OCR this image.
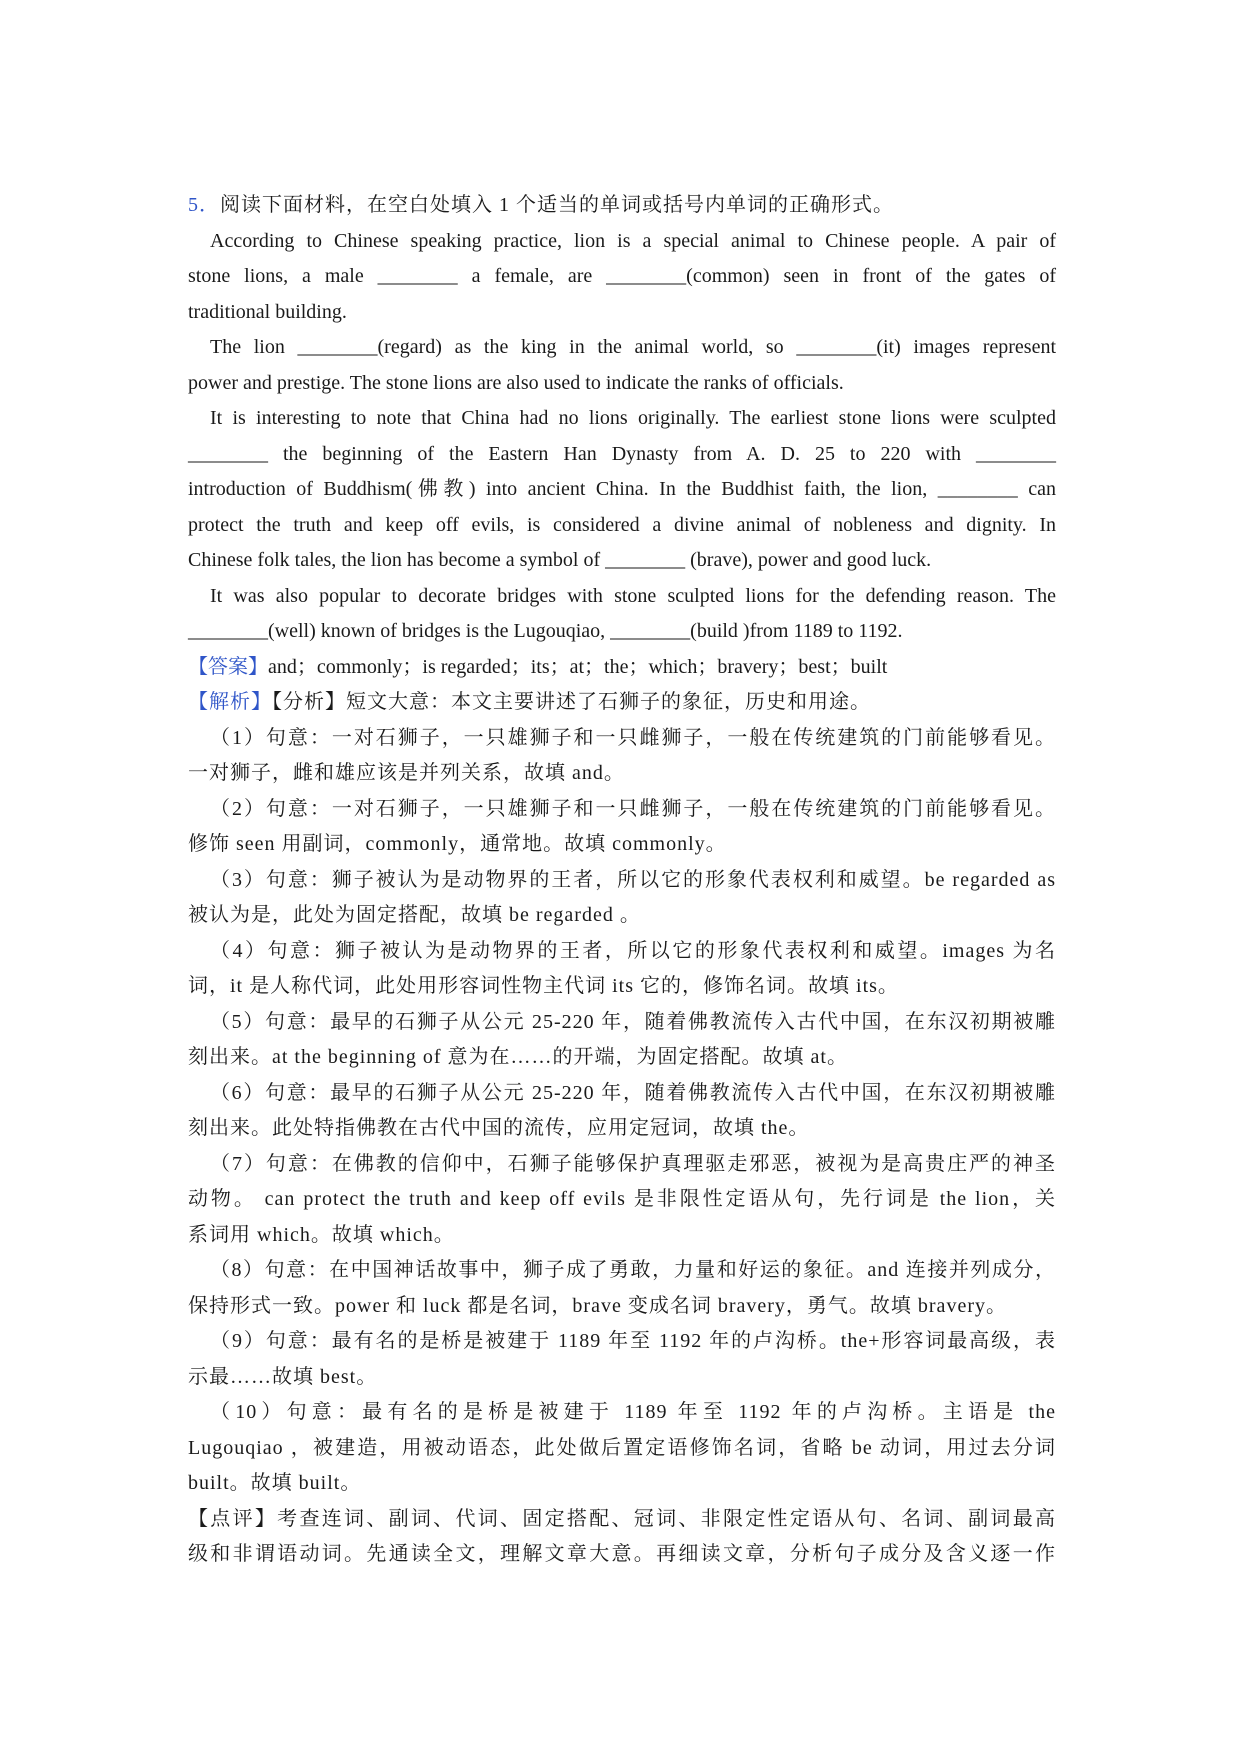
5．阅读下面材料，在空白处填入 1 个适当的单词或括号内单词的正确形式。
According to Chinese speaking practice, lion is a special animal to Chinese people. A pair of
stone lions, a male ________ a female, are ________(common) seen in front of the gates of
traditional building.
The lion ________(regard) as the king in the animal world, so ________(it) images represent
power and prestige. The stone lions are also used to indicate the ranks of officials.
It is interesting to note that China had no lions originally. The earliest stone lions were sculpted
________ the beginning of the Eastern Han Dynasty from A. D. 25 to 220 with ________
introduction of Buddhism(佛教) into ancient China. In the Buddhist faith, the lion, ________ can
protect the truth and keep off evils, is considered a divine animal of nobleness and dignity. In
Chinese folk tales, the lion has become a symbol of ________ (brave), power and good luck.
It was also popular to decorate bridges with stone sculpted lions for the defending reason. The
________(well) known of bridges is the Lugouqiao, ________(build )from 1189 to 1192.
【答案】and；commonly；is regarded；its；at；the；which；bravery；best；built
【解析】【分析】短文大意：本文主要讲述了石狮子的象征，历史和用途。
（1）句意：一对石狮子，一只雄狮子和一只雌狮子，一般在传统建筑的门前能够看见。
一对狮子，雌和雄应该是并列关系，故填 and。
（2）句意：一对石狮子，一只雄狮子和一只雌狮子，一般在传统建筑的门前能够看见。
修饰 seen 用副词，commonly，通常地。故填 commonly。
（3）句意：狮子被认为是动物界的王者，所以它的形象代表权利和威望。be regarded as
被认为是，此处为固定搭配，故填 be regarded 。
（4）句意：狮子被认为是动物界的王者，所以它的形象代表权利和威望。images 为名
词，it 是人称代词，此处用形容词性物主代词 its 它的，修饰名词。故填 its。
（5）句意：最早的石狮子从公元 25-220 年，随着佛教流传入古代中国，在东汉初期被雕
刻出来。at the beginning of 意为在……的开端，为固定搭配。故填 at。
（6）句意：最早的石狮子从公元 25-220 年，随着佛教流传入古代中国，在东汉初期被雕
刻出来。此处特指佛教在古代中国的流传，应用定冠词，故填 the。
（7）句意：在佛教的信仰中，石狮子能够保护真理驱走邪恶，被视为是高贵庄严的神圣
动物。 can protect the truth and keep off evils 是非限性定语从句，先行词是 the lion，关
系词用 which。故填 which。
（8）句意：在中国神话故事中，狮子成了勇敢，力量和好运的象征。and 连接并列成分，
保持形式一致。power 和 luck 都是名词，brave 变成名词 bravery，勇气。故填 bravery。
（9）句意：最有名的是桥是被建于 1189 年至 1192 年的卢沟桥。the+形容词最高级，表
示最……故填 best。
（10）句意：最有名的是桥是被建于 1189 年至 1192 年的卢沟桥。主语是 the
Lugouqiao ，被建造，用被动语态，此处做后置定语修饰名词，省略 be 动词，用过去分词
built。故填 built。
【点评】考查连词、副词、代词、固定搭配、冠词、非限定性定语从句、名词、副词最高
级和非谓语动词。先通读全文，理解文章大意。再细读文章，分析句子成分及含义逐一作
